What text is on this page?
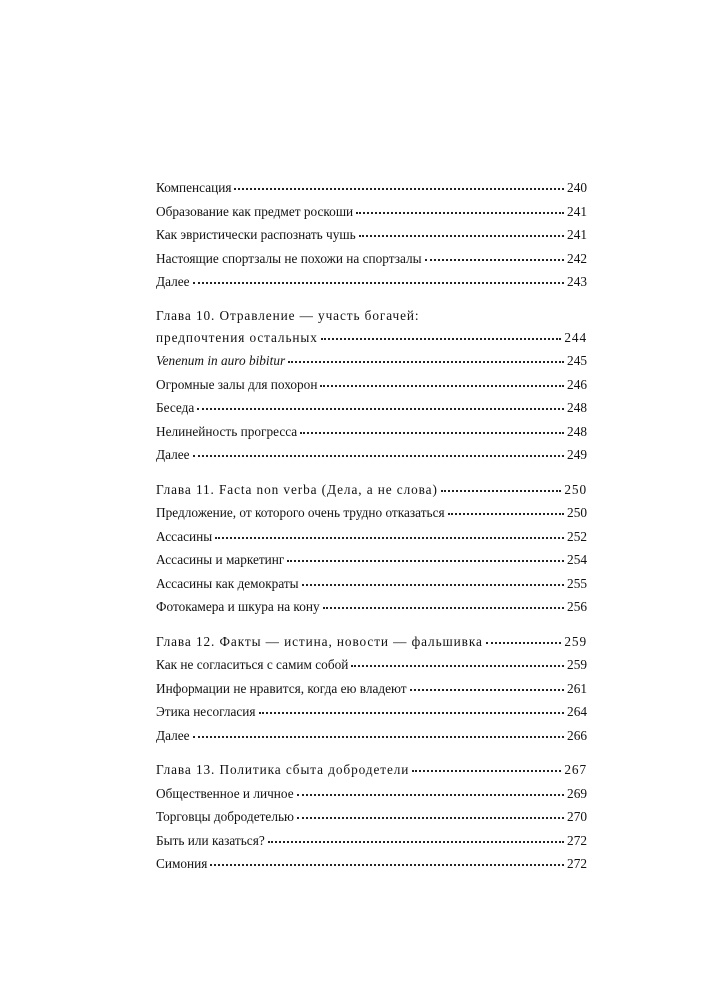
Компенсация	240
Образование как предмет роскоши	241
Как эвристически распознать чушь	241
Настоящие спортзалы не похожи на спортзалы	242
Далее	243
Глава 10. Отравление — участь богачей:
предпочтения остальных	244
Venenum in auro bibitur	245
Огромные залы для похорон	246
Беседа	248
Нелинейность прогресса	248
Далее	249
Глава 11. Facta non verba (Дела, а не слова)	250
Предложение, от которого очень трудно отказаться	250
Ассасины	252
Ассасины и маркетинг	254
Ассасины как демократы	255
Фотокамера и шкура на кону	256
Глава 12. Факты — истина, новости — фальшивка	259
Как не согласиться с самим собой	259
Информации не нравится, когда ею владеют	261
Этика несогласия	264
Далее	266
Глава 13. Политика сбыта добродетели	267
Общественное и личное	269
Торговцы добродетелью	270
Быть или казаться?	272
Симония	272
